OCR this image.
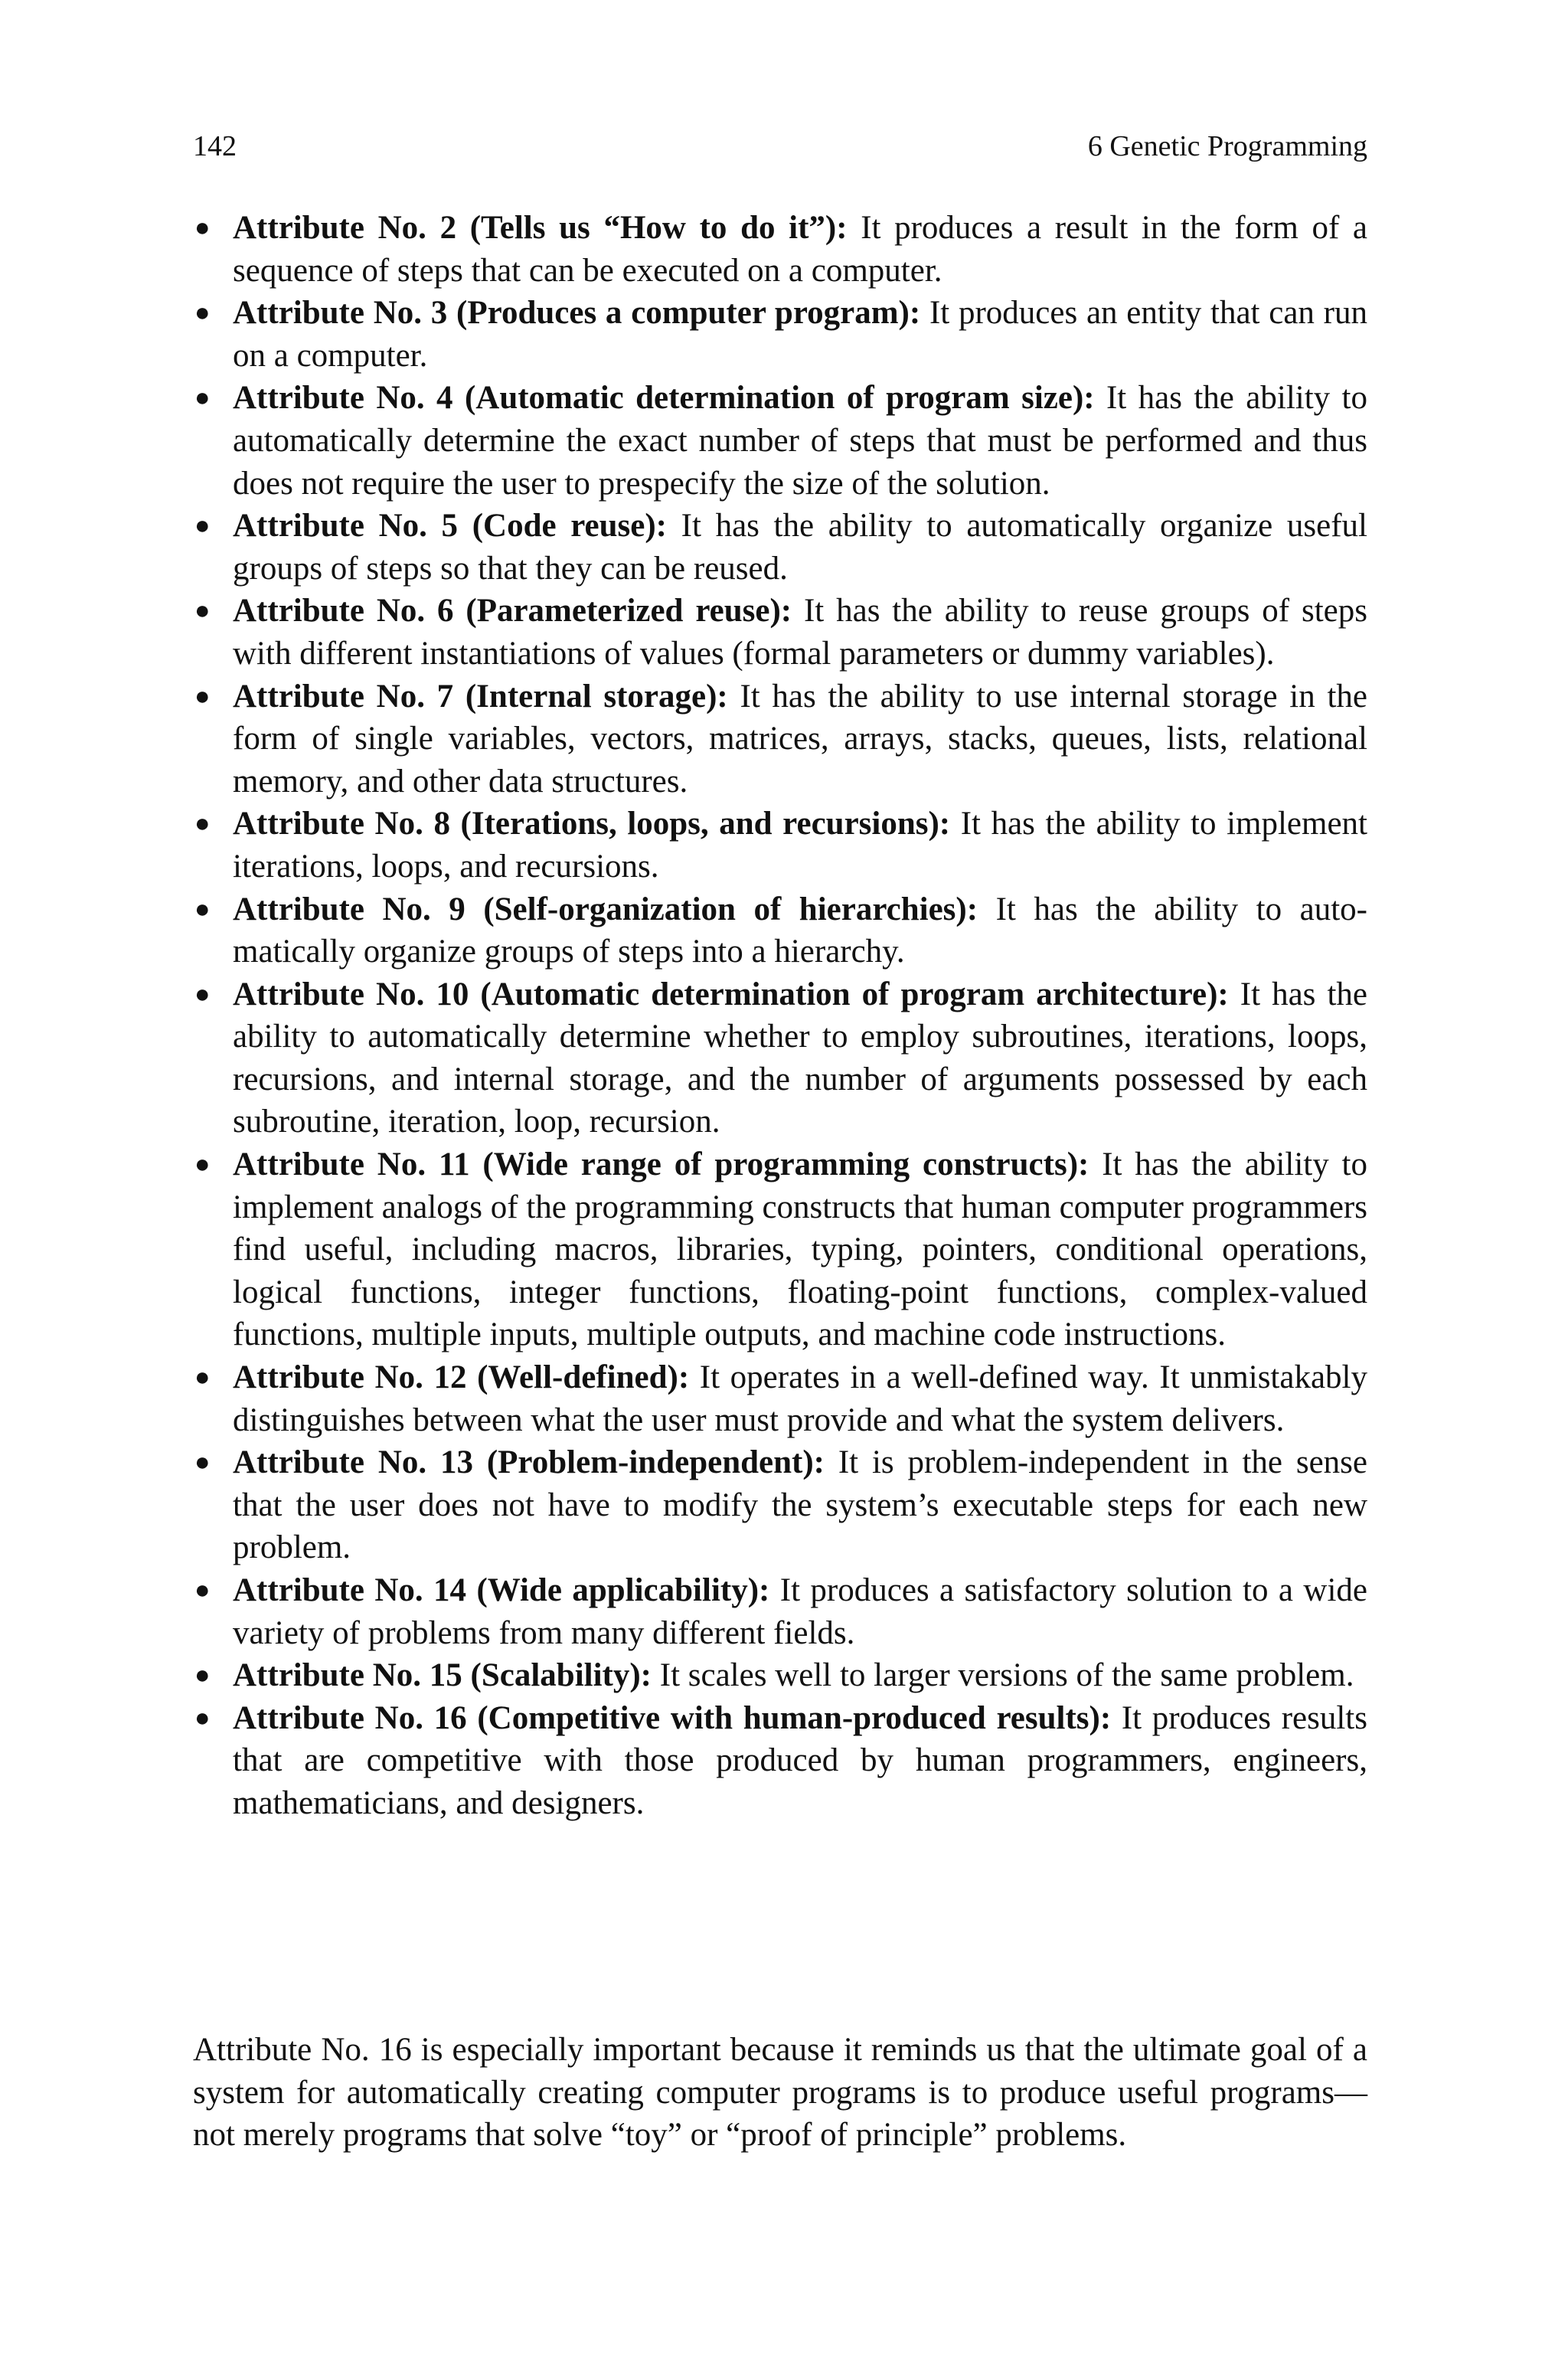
142	6 Genetic Programming
● Attribute No. 2 (Tells us “How to do it”): It produces a result in the form of a sequence of steps that can be executed on a computer.
● Attribute No. 3 (Produces a computer program): It produces an entity that can run on a computer.
● Attribute No. 4 (Automatic determination of program size): It has the ability to automatically determine the exact number of steps that must be performed and thus does not require the user to prespecify the size of the solution.
● Attribute No. 5 (Code reuse): It has the ability to automatically organize useful groups of steps so that they can be reused.
● Attribute No. 6 (Parameterized reuse): It has the ability to reuse groups of steps with different instantiations of values (formal parameters or dummy variables).
● Attribute No. 7 (Internal storage): It has the ability to use internal storage in the form of single variables, vectors, matrices, arrays, stacks, queues, lists, relational memory, and other data structures.
● Attribute No. 8 (Iterations, loops, and recursions): It has the ability to implement iterations, loops, and recursions.
● Attribute No. 9 (Self-organization of hierarchies): It has the ability to automatically organize groups of steps into a hierarchy.
● Attribute No. 10 (Automatic determination of program architecture): It has the ability to automatically determine whether to employ subroutines, iterations, loops, recursions, and internal storage, and the number of arguments possessed by each subroutine, iteration, loop, recursion.
● Attribute No. 11 (Wide range of programming constructs): It has the ability to implement analogs of the programming constructs that human computer programmers find useful, including macros, libraries, typing, pointers, conditional operations, logical functions, integer functions, floating-point functions, complex-valued functions, multiple inputs, multiple outputs, and machine code instructions.
● Attribute No. 12 (Well-defined): It operates in a well-defined way. It unmistakably distinguishes between what the user must provide and what the system delivers.
● Attribute No. 13 (Problem-independent): It is problem-independent in the sense that the user does not have to modify the system’s executable steps for each new problem.
● Attribute No. 14 (Wide applicability): It produces a satisfactory solution to a wide variety of problems from many different fields.
● Attribute No. 15 (Scalability): It scales well to larger versions of the same problem.
● Attribute No. 16 (Competitive with human-produced results): It produces results that are competitive with those produced by human programmers, engineers, mathematicians, and designers.

Attribute No. 16 is especially important because it reminds us that the ultimate goal of a system for automatically creating computer programs is to produce useful programs—not merely programs that solve “toy” or “proof of principle” problems.
